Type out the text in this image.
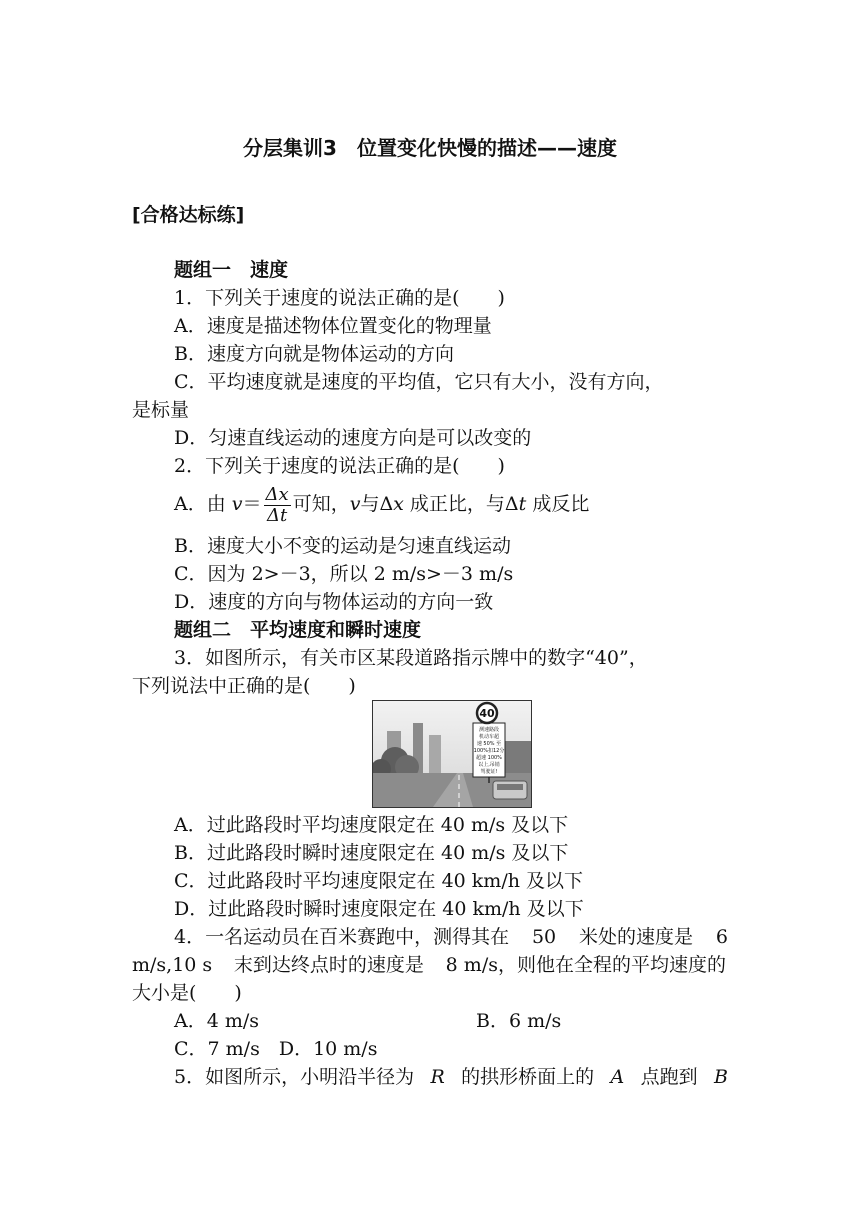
分层集训3　位置变化快慢的描述——速度
[合格达标练]
题组一　速度
1．下列关于速度的说法正确的是(　　)
A．速度是描述物体位置变化的物理量
B．速度方向就是物体运动的方向
C．平均速度就是速度的平均值，它只有大小，没有方向，
是标量
D．匀速直线运动的速度方向是可以改变的
2．下列关于速度的说法正确的是(　　)
A．由 $v= \frac{\Delta x}{\Delta t}$ 可知，v与Δx 成正比，与Δt 成反比
B．速度大小不变的运动是匀速直线运动
C．因为 2>－3，所以 2 m/s>－3 m/s
D．速度的方向与物体运动的方向一致
题组二　平均速度和瞬时速度
3．如图所示，有关市区某段道路指示牌中的数字“40”，
下列说法中正确的是(　　)
40
测速路段
机动车超
速 50% 至
100%扣12分
超速 100%
以上,吊销
驾驶证!
A．过此路段时平均速度限定在 40 m/s 及以下
B．过此路段时瞬时速度限定在 40 m/s 及以下
C．过此路段时平均速度限定在 40 km/h 及以下
D．过此路段时瞬时速度限定在 40 km/h 及以下
4．一名运动员在百米赛跑中，测得其在 50 米处的速度是 6
m/s,10 s 末到达终点时的速度是 8 m/s，则他在全程的平均速度的
大小是(　　)
A．4 m/s	B．6 m/s
C．7 m/s　D．10 m/s
5．如图所示，小明沿半径为 R 的拱形桥面上的 A 点跑到 B
